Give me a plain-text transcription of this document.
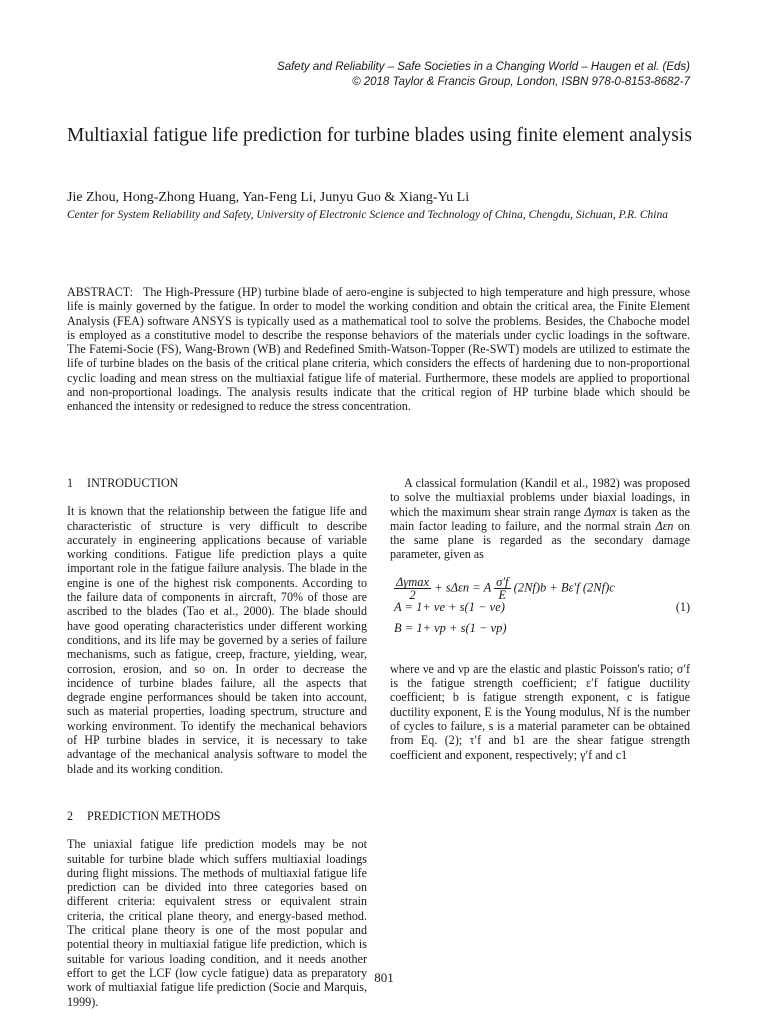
Safety and Reliability – Safe Societies in a Changing World – Haugen et al. (Eds)
© 2018 Taylor & Francis Group, London, ISBN 978-0-8153-8682-7
Multiaxial fatigue life prediction for turbine blades using finite element analysis
Jie Zhou, Hong-Zhong Huang, Yan-Feng Li, Junyu Guo & Xiang-Yu Li
Center for System Reliability and Safety, University of Electronic Science and Technology of China, Chengdu, Sichuan, P.R. China
ABSTRACT: The High-Pressure (HP) turbine blade of aero-engine is subjected to high temperature and high pressure, whose life is mainly governed by the fatigue. In order to model the working condition and obtain the critical area, the Finite Element Analysis (FEA) software ANSYS is typically used as a mathematical tool to solve the problems. Besides, the Chaboche model is employed as a constitutive model to describe the response behaviors of the materials under cyclic loadings in the software. The Fatemi-Socie (FS), Wang-Brown (WB) and Redefined Smith-Watson-Topper (Re-SWT) models are utilized to estimate the life of turbine blades on the basis of the critical plane criteria, which considers the effects of hardening due to non-proportional cyclic loading and mean stress on the multiaxial fatigue life of material. Furthermore, these models are applied to proportional and non-proportional loadings. The analysis results indicate that the critical region of HP turbine blade which should be enhanced the intensity or redesigned to reduce the stress concentration.
1 INTRODUCTION

It is known that the relationship between the fatigue life and characteristic of structure is very difficult to describe accurately in engineering applications because of variable working conditions. Fatigue life prediction plays a quite important role in the fatigue failure analysis. The blade in the engine is one of the highest risk components. According to the failure data of components in aircraft, 70% of those are ascribed to the blades (Tao et al., 2000). The blade should have good operating characteristics under different working conditions, and its life may be governed by a series of failure mechanisms, such as fatigue, creep, fracture, yielding, wear, corrosion, erosion, and so on. In order to decrease the incidence of turbine blades failure, all the aspects that degrade engine performances should be taken into account, such as material properties, loading spectrum, structure and working environment. To identify the mechanical behaviors of HP turbine blades in service, it is necessary to take advantage of the mechanical analysis software to model the blade and its working condition.

2 PREDICTION METHODS

The uniaxial fatigue life prediction models may be not suitable for turbine blade which suffers multiaxial loadings during flight missions. The methods of multiaxial fatigue life prediction can be divided into three categories based on different criteria: equivalent stress or equivalent strain criteria, the critical plane theory, and energy-based method. The critical plane theory is one of the most popular and potential theory in multiaxial fatigue life prediction, which is suitable for various loading condition, and it needs another effort to get the LCF (low cycle fatigue) data as preparatory work of multiaxial fatigue life prediction (Socie and Marquis, 1999).

A classical formulation (Kandil et al., 1982) was proposed to solve the multiaxial problems under biaxial loadings, in which the maximum shear strain range Δγmax is taken as the main factor leading to failure, and the normal strain Δεn on the same plane is regarded as the secondary damage parameter, given as

$\frac{\Delta\gamma\max}{2} + s\Delta\varepsilon n = A \frac{\sigma'f}{E} (2Nf)b + B\varepsilon'f$ (2Nf)c
A = 1+ νe + s(1 − νe)
B = 1+ νp + s(1 − νp)
(1)

where νe and νp are the elastic and plastic Poisson's ratio; σ′f is the fatigue strength coefficient; ε′f fatigue ductility coefficient; b is fatigue strength exponent, c is fatigue ductility exponent, E is the Young modulus, Nf is the number of cycles to failure, s is a material parameter can be obtained from Eq. (2); τ′f and b1 are the shear fatigue strength coefficient and exponent, respectively; γ′f and c1

801
